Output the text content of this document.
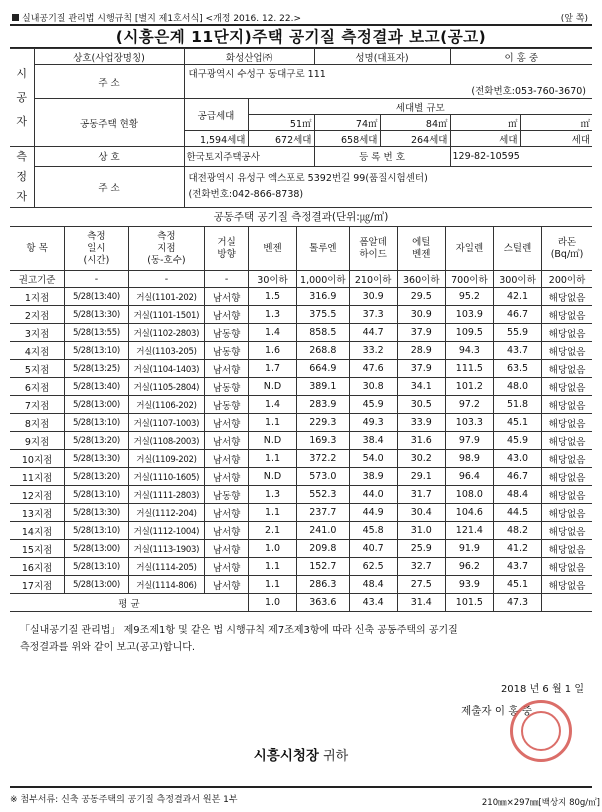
실내공기질 관리법 시행규칙 [별지 제1호서식] <개정 2016. 12. 22.>	(앞 쪽)
(시흥은계 11단지)주택 공기질 측정결과 보고(공고)
시
공
자	상호(사업장명칭)	화성산업㈜		성명(대표자)		이 홍 중	
	주 소	대구광역시 수성구 동대구로 111
(전화번호:053-760-3670)					

	공동주택 현황	공급세대	세대별 규모				
			51㎡	74㎡	84㎡	㎡	㎡
		1,594세대	672세대	658세대	264세대	세대	세대

측
정
자	상 호	한국토지주택공사		등 록 번 호		129-82-10595	
	주 소	대전광역시 유성구 엑스포로 5392번길 99(품질시험센터)
(전화번호:042-866-8738)					
공동주택 공기질 측정결과(단위:㎍/㎥)
항 목	측정
일시
(시간)	측정
지점
(동-호수)	거실
방향	벤젠	톨루엔	폼알데
하이드	에틸
벤젠	자일렌	스틸렌	라돈
(Bq/㎥)
권고기준	-	-	-	30이하	1,000이하	210이하	360이하	700이하	300이하	200이하
1지점	5/28(13:40)	거실(1101-202)	남서향	1.5	316.9	30.9	29.5	95.2	42.1	해당없음
2지점	5/28(13:30)	거실(1101-1501)	남서향	1.3	375.5	37.3	30.9	103.9	46.7	해당없음
3지점	5/28(13:55)	거실(1102-2803)	남동향	1.4	858.5	44.7	37.9	109.5	55.9	해당없음
4지점	5/28(13:10)	거실(1103-205)	남동향	1.6	268.8	33.2	28.9	94.3	43.7	해당없음
5지점	5/28(13:25)	거실(1104-1403)	남서향	1.7	664.9	47.6	37.9	111.5	63.5	해당없음
6지점	5/28(13:40)	거실(1105-2804)	남동향	N.D	389.1	30.8	34.1	101.2	48.0	해당없음
7지점	5/28(13:00)	거실(1106-202)	남동향	1.4	283.9	45.9	30.5	97.2	51.8	해당없음
8지점	5/28(13:10)	거실(1107-1003)	남서향	1.1	229.3	49.3	33.9	103.3	45.1	해당없음
9지점	5/28(13:20)	거실(1108-2003)	남서향	N.D	169.3	38.4	31.6	97.9	45.9	해당없음
10지점	5/28(13:30)	거실(1109-202)	남서향	1.1	372.2	54.0	30.2	98.9	43.0	해당없음
11지점	5/28(13:20)	거실(1110-1605)	남서향	N.D	573.0	38.9	29.1	96.4	46.7	해당없음
12지점	5/28(13:10)	거실(1111-2803)	남동향	1.3	552.3	44.0	31.7	108.0	48.4	해당없음
13지점	5/28(13:30)	거실(1112-204)	남서향	1.1	237.7	44.9	30.4	104.6	44.5	해당없음
14지점	5/28(13:10)	거실(1112-1004)	남서향	2.1	241.0	45.8	31.0	121.4	48.2	해당없음
15지점	5/28(13:00)	거실(1113-1903)	남서향	1.0	209.8	40.7	25.9	91.9	41.2	해당없음
16지점	5/28(13:10)	거실(1114-205)	남서향	1.1	152.7	62.5	32.7	96.2	43.7	해당없음
17지점	5/28(13:00)	거실(1114-806)	남서향	1.1	286.3	48.4	27.5	93.9	45.1	해당없음
평 균				1.0	363.6	43.4	31.4	101.5	47.3	

「실내공기질 관리법」 제9조제1항 및 같은 법 시행규칙 제7조제3항에 따라 신축 공동주택의 공기질

측정결과를 위와 같이 보고(공고)합니다.

2018 년 6 월 1 일
제출자 이 홍 중
시흥시청장 귀하
※ 첨부서류: 신축 공동주택의 공기질 측정결과서 원본 1부	210㎜×297㎜[백상지 80g/㎡]
